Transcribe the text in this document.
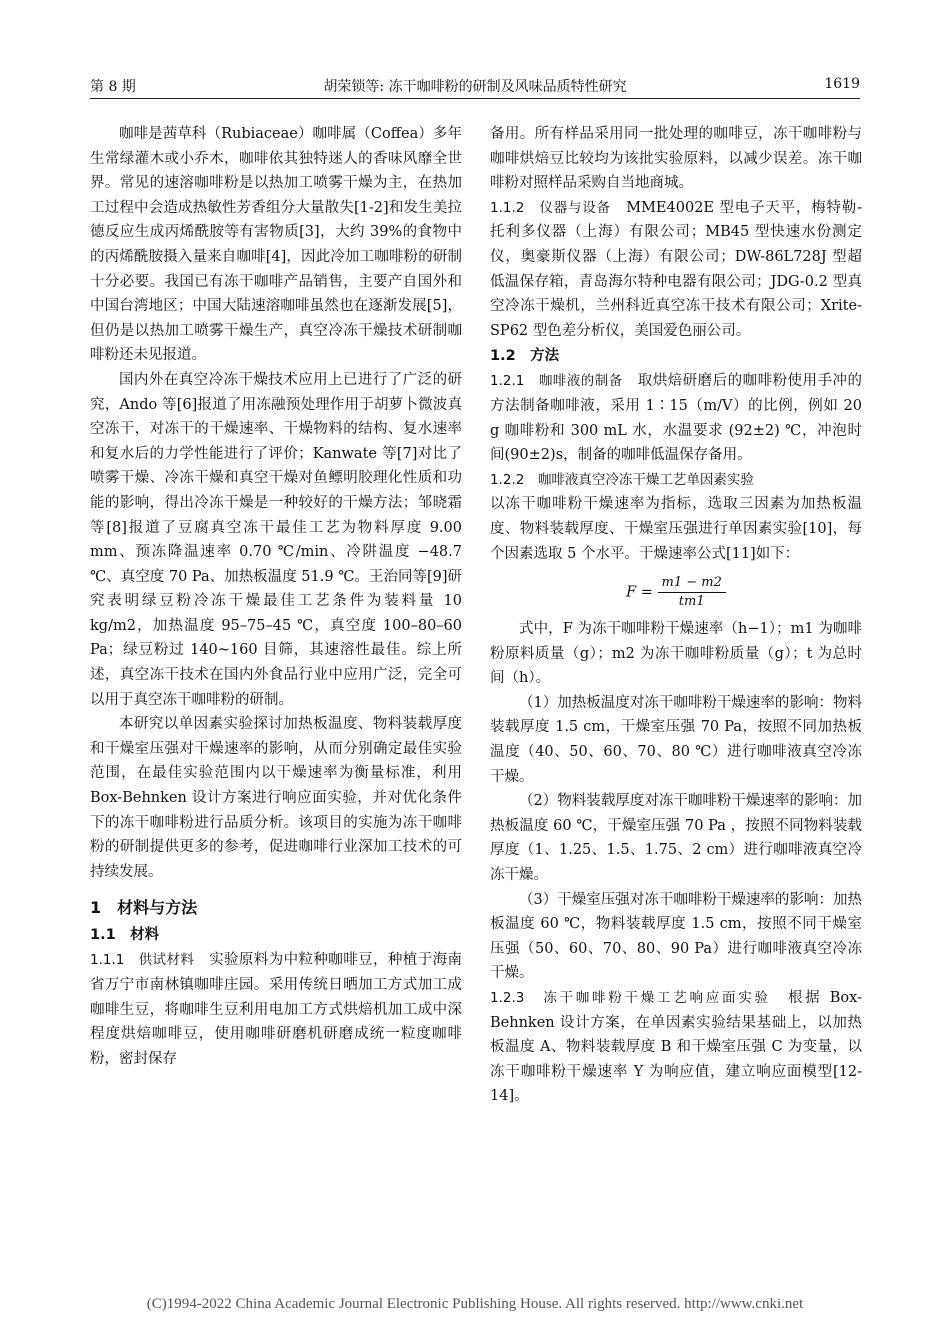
第 8 期	胡荣锁等: 冻干咖啡粉的研制及风味品质特性研究	1619

咖啡是茜草科（Rubiaceae）咖啡属（Coffea）多年生常绿灌木或小乔木，咖啡依其独特迷人的香味风靡全世界。常见的速溶咖啡粉是以热加工喷雾干燥为主，在热加工过程中会造成热敏性芳香组分大量散失[1-2]和发生美拉德反应生成丙烯酰胺等有害物质[3]，大约 39%的食物中的丙烯酰胺摄入量来自咖啡[4]，因此冷加工咖啡粉的研制十分必要。我国已有冻干咖啡产品销售，主要产自国外和中国台湾地区；中国大陆速溶咖啡虽然也在逐渐发展[5]，但仍是以热加工喷雾干燥生产，真空冷冻干燥技术研制咖啡粉还未见报道。

国内外在真空冷冻干燥技术应用上已进行了广泛的研究，Ando 等[6]报道了用冻融预处理作用于胡萝卜微波真空冻干，对冻干的干燥速率、干燥物料的结构、复水速率和复水后的力学性能进行了评价；Kanwate 等[7]对比了喷雾干燥、冷冻干燥和真空干燥对鱼鳔明胶理化性质和功能的影响，得出冷冻干燥是一种较好的干燥方法；邹晓霜等[8]报道了豆腐真空冻干最佳工艺为物料厚度 9.00 mm、预冻降温速率 0.70 ℃/min、冷阱温度 −48.7 ℃、真空度 70 Pa、加热板温度 51.9 ℃。王治同等[9]研究表明绿豆粉冷冻干燥最佳工艺条件为装料量 10 kg/m2，加热温度 95–75–45 ℃，真空度 100–80–60 Pa；绿豆粉过 140~160 目筛，其速溶性最佳。综上所述，真空冻干技术在国内外食品行业中应用广泛，完全可以用于真空冻干咖啡粉的研制。

本研究以单因素实验探讨加热板温度、物料装载厚度和干燥室压强对干燥速率的影响，从而分别确定最佳实验范围，在最佳实验范围内以干燥速率为衡量标准，利用 Box-Behnken 设计方案进行响应面实验，并对优化条件下的冻干咖啡粉进行品质分析。该项目的实施为冻干咖啡粉的研制提供更多的参考，促进咖啡行业深加工技术的可持续发展。

1　材料与方法

1.1　材料

1.1.1　供试材料　实验原料为中粒种咖啡豆，种植于海南省万宁市南林镇咖啡庄园。采用传统日晒加工方式加工成咖啡生豆，将咖啡生豆利用电加工方式烘焙机加工成中深程度烘焙咖啡豆，使用咖啡研磨机研磨成统一粒度咖啡粉，密封保存

备用。所有样品采用同一批处理的咖啡豆，冻干咖啡粉与咖啡烘焙豆比较均为该批实验原料，以减少误差。冻干咖啡粉对照样品采购自当地商城。

1.1.2　仪器与设备　MME4002E 型电子天平，梅特勒-托利多仪器（上海）有限公司；MB45 型快速水份测定仪，奥豪斯仪器（上海）有限公司；DW-86L728J 型超低温保存箱，青岛海尔特种电器有限公司；JDG-0.2 型真空冷冻干燥机，兰州科近真空冻干技术有限公司；Xrite-SP62 型色差分析仪，美国爱色丽公司。

1.2　方法

1.2.1　咖啡液的制备　取烘焙研磨后的咖啡粉使用手冲的方法制备咖啡液，采用 1∶15（m/V）的比例，例如 20 g 咖啡粉和 300 mL 水，水温要求 (92±2) ℃，冲泡时间(90±2)s，制备的咖啡低温保存备用。

1.2.2　咖啡液真空冷冻干燥工艺单因素实验

以冻干咖啡粉干燥速率为指标，选取三因素为加热板温度、物料装载厚度、干燥室压强进行单因素实验[10]，每个因素选取 5 个水平。干燥速率公式[11]如下：

$F = \frac{m1 - m2}{tm1}$

式中，F 为冻干咖啡粉干燥速率（h−1）；m1 为咖啡粉原料质量（g）；m2 为冻干咖啡粉质量（g）；t 为总时间（h）。

（1）加热板温度对冻干咖啡粉干燥速率的影响：物料装载厚度 1.5 cm，干燥室压强 70 Pa，按照不同加热板温度（40、50、60、70、80 ℃）进行咖啡液真空冷冻干燥。

（2）物料装载厚度对冻干咖啡粉干燥速率的影响：加热板温度 60 ℃，干燥室压强 70 Pa ，按照不同物料装载厚度（1、1.25、1.5、1.75、2 cm）进行咖啡液真空冷冻干燥。

（3）干燥室压强对冻干咖啡粉干燥速率的影响：加热板温度 60 ℃，物料装载厚度 1.5 cm，按照不同干燥室压强（50、60、70、80、90 Pa）进行咖啡液真空冷冻干燥。

1.2.3　冻干咖啡粉干燥工艺响应面实验　根据 Box-Behnken 设计方案，在单因素实验结果基础上，以加热板温度 A、物料装载厚度 B 和干燥室压强 C 为变量，以冻干咖啡粉干燥速率 Y 为响应值，建立响应面模型[12-14]。

(C)1994-2022 China Academic Journal Electronic Publishing House. All rights reserved. http://www.cnki.net
